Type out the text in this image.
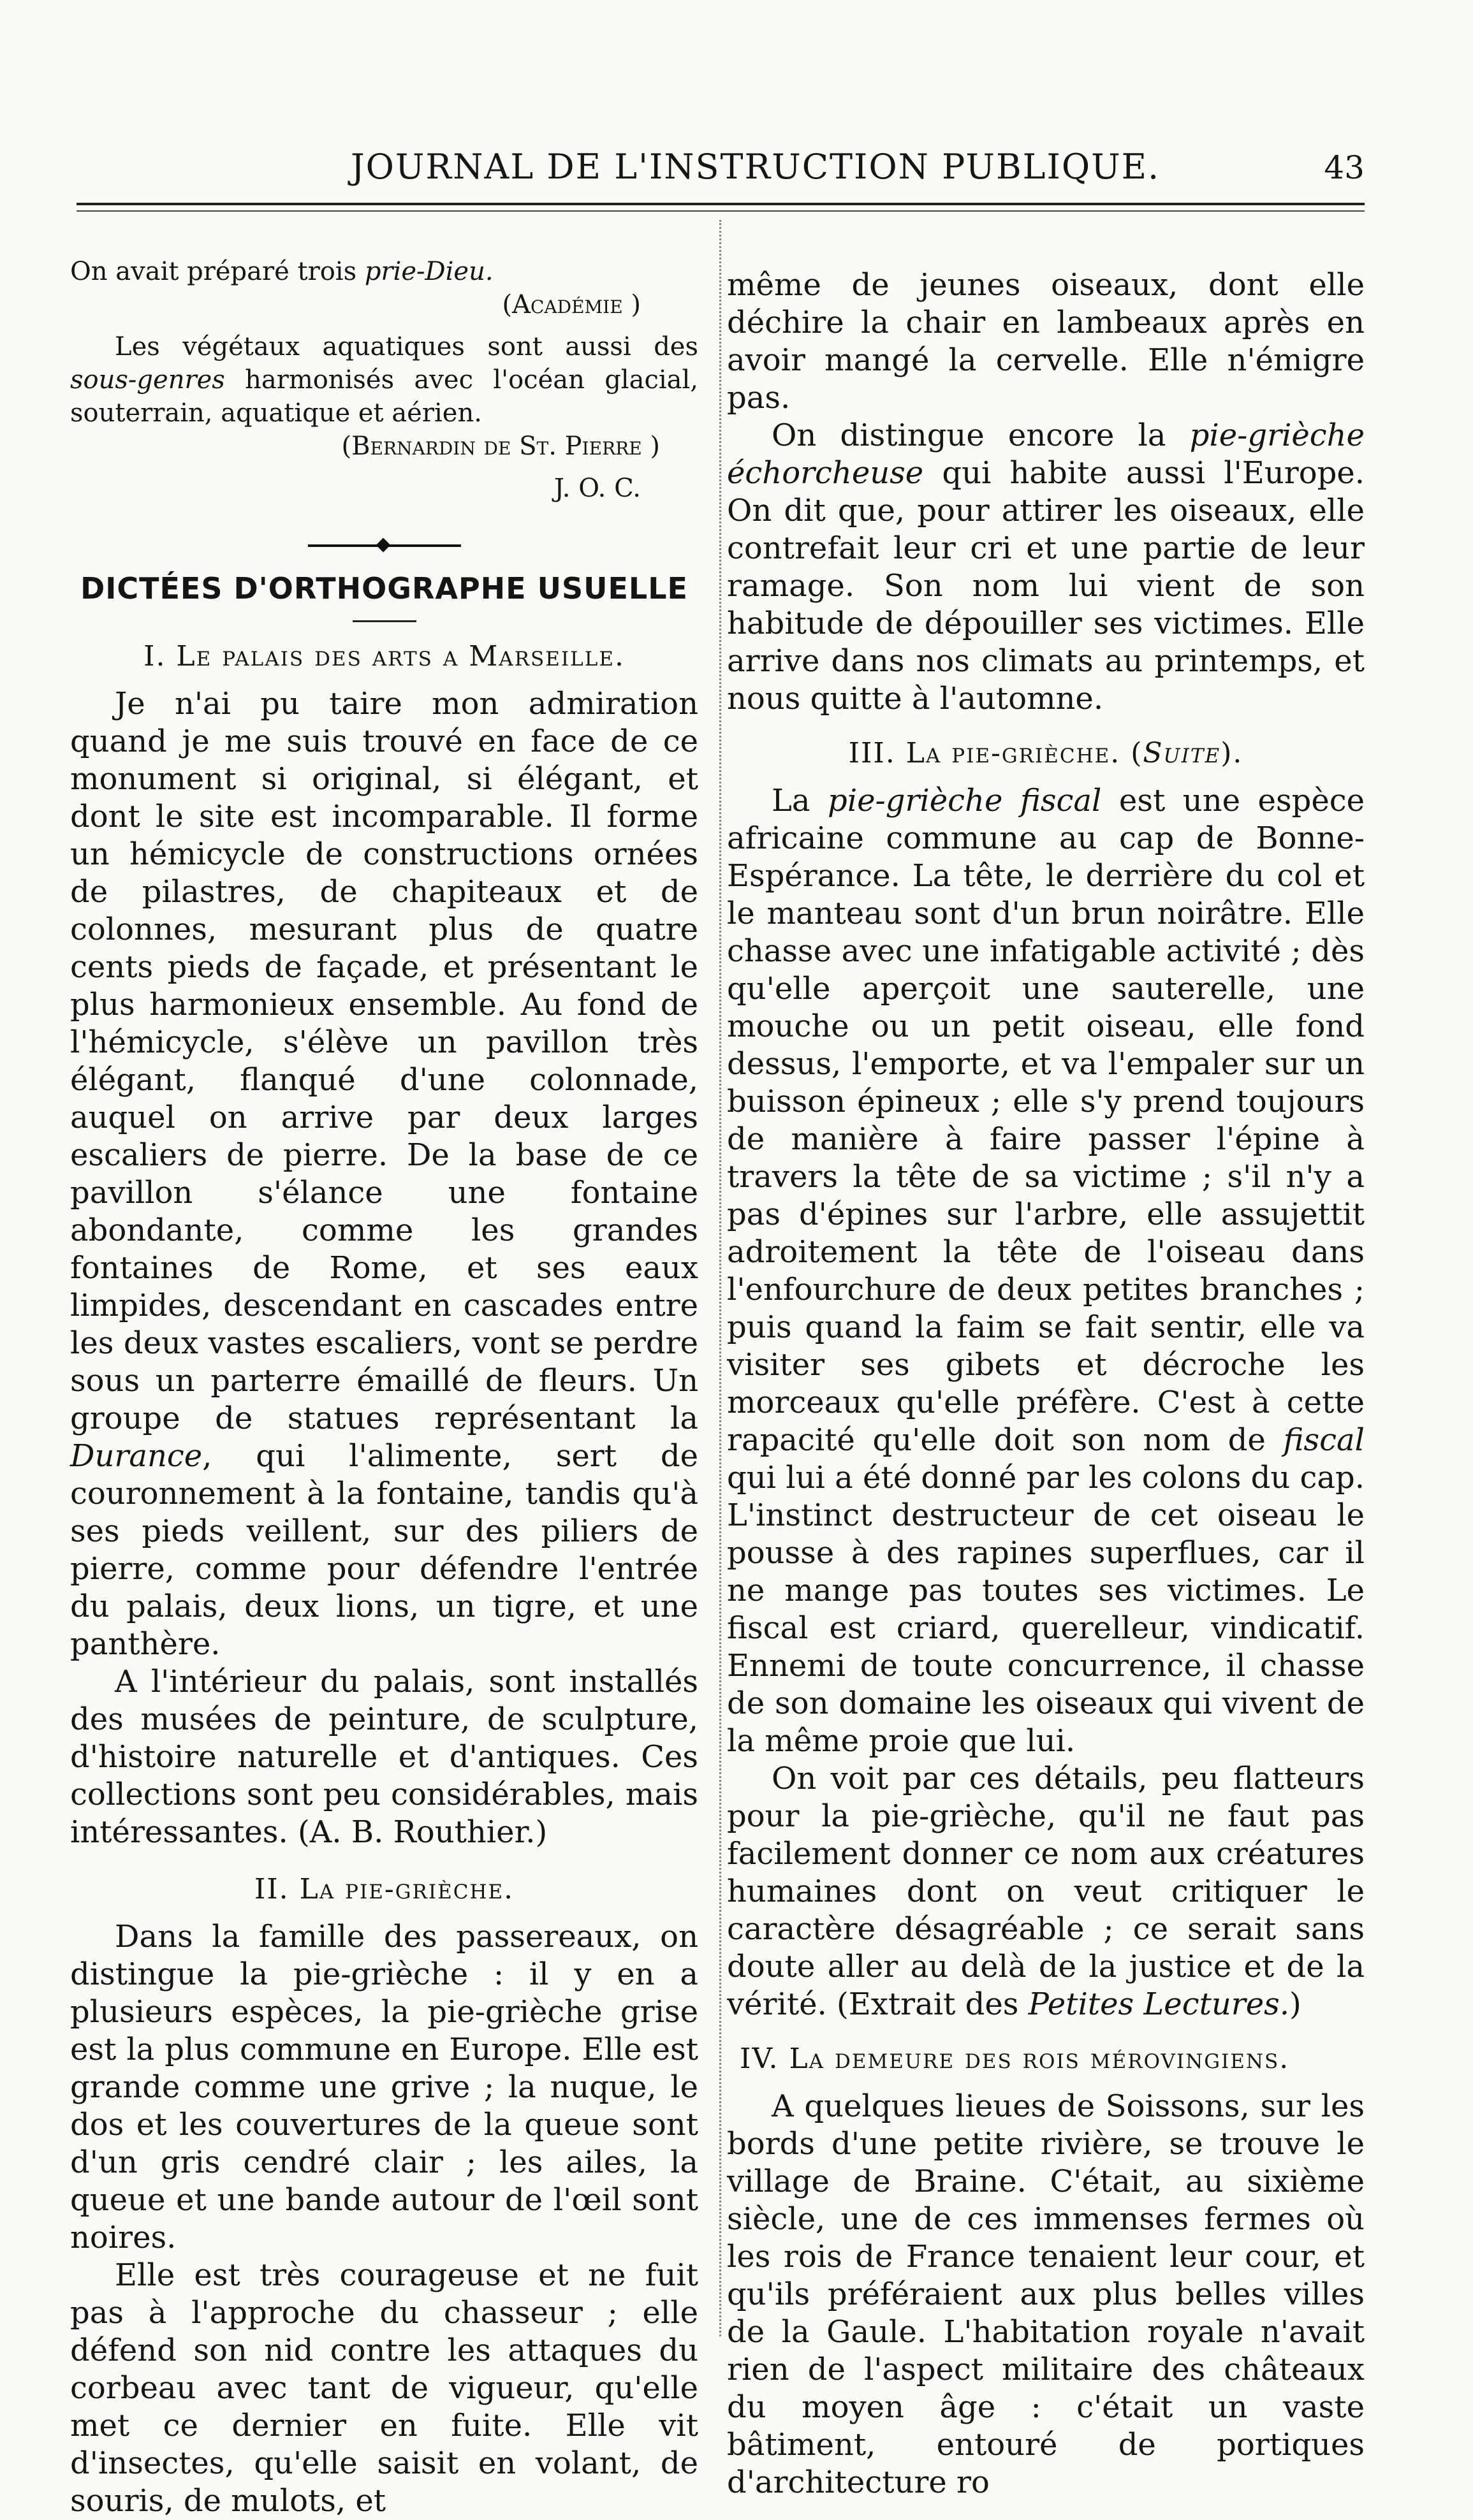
JOURNAL DE L'INSTRUCTION PUBLIQUE.	43

On avait préparé trois prie-Dieu.

(Académie )

Les végétaux aquatiques sont aussi des sous-genres harmonisés avec l'océan glacial, souterrain, aquatique et aérien.

(Bernardin de St. Pierre )

J. O. C.

DICTÉES D'ORTHOGRAPHE USUELLE
I. Le palais des arts a Marseille.

Je n'ai pu taire mon admiration quand je me suis trouvé en face de ce monument si original, si élégant, et dont le site est incomparable. Il forme un hémicycle de constructions ornées de pilastres, de chapiteaux et de colonnes, mesurant plus de quatre cents pieds de façade, et présentant le plus harmonieux ensemble. Au fond de l'hémicycle, s'élève un pavillon très élégant, flanqué d'une colonnade, auquel on arrive par deux larges escaliers de pierre. De la base de ce pavillon s'élance une fontaine abondante, comme les grandes fontaines de Rome, et ses eaux limpides, descendant en cascades entre les deux vastes escaliers, vont se perdre sous un parterre émaillé de fleurs. Un groupe de statues représentant la Durance, qui l'alimente, sert de couronnement à la fontaine, tandis qu'à ses pieds veillent, sur des piliers de pierre, comme pour défendre l'entrée du palais, deux lions, un tigre, et une panthère.

A l'intérieur du palais, sont installés des musées de peinture, de sculpture, d'histoire naturelle et d'antiques. Ces collections sont peu considérables, mais intéressantes. (A. B. Routhier.)

II. La pie-grièche.

Dans la famille des passereaux, on distingue la pie-grièche : il y en a plusieurs espèces, la pie-grièche grise est la plus commune en Europe. Elle est grande comme une grive ; la nuque, le dos et les couvertures de la queue sont d'un gris cendré clair ; les ailes, la queue et une bande autour de l'œil sont noires.

Elle est très courageuse et ne fuit pas à l'approche du chasseur ; elle défend son nid contre les attaques du corbeau avec tant de vigueur, qu'elle met ce dernier en fuite. Elle vit d'insectes, qu'elle saisit en volant, de souris, de mulots, et

même de jeunes oiseaux, dont elle déchire la chair en lambeaux après en avoir mangé la cervelle. Elle n'émigre pas.

On distingue encore la pie-grièche échorcheuse qui habite aussi l'Europe. On dit que, pour attirer les oiseaux, elle contrefait leur cri et une partie de leur ramage. Son nom lui vient de son habitude de dépouiller ses victimes. Elle arrive dans nos climats au printemps, et nous quitte à l'automne.

III. La pie-grièche. (Suite).

La pie-grièche fiscal est une espèce africaine commune au cap de Bonne-Espérance. La tête, le derrière du col et le manteau sont d'un brun noirâtre. Elle chasse avec une infatigable activité ; dès qu'elle aperçoit une sauterelle, une mouche ou un petit oiseau, elle fond dessus, l'emporte, et va l'empaler sur un buisson épineux ; elle s'y prend toujours de manière à faire passer l'épine à travers la tête de sa victime ; s'il n'y a pas d'épines sur l'arbre, elle assujettit adroitement la tête de l'oiseau dans l'enfourchure de deux petites branches ; puis quand la faim se fait sentir, elle va visiter ses gibets et décroche les morceaux qu'elle préfère. C'est à cette rapacité qu'elle doit son nom de fiscal qui lui a été donné par les colons du cap. L'instinct destructeur de cet oiseau le pousse à des rapines superflues, car il ne mange pas toutes ses victimes. Le fiscal est criard, querelleur, vindicatif. Ennemi de toute concurrence, il chasse de son domaine les oiseaux qui vivent de la même proie que lui.

On voit par ces détails, peu flatteurs pour la pie-grièche, qu'il ne faut pas facilement donner ce nom aux créatures humaines dont on veut critiquer le caractère désagréable ; ce serait sans doute aller au delà de la justice et de la vérité. (Extrait des Petites Lectures.)

IV. La demeure des rois mérovingiens.

A quelques lieues de Soissons, sur les bords d'une petite rivière, se trouve le village de Braine. C'était, au sixième siècle, une de ces immenses fermes où les rois de France tenaient leur cour, et qu'ils préféraient aux plus belles villes de la Gaule. L'habitation royale n'avait rien de l'aspect militaire des châteaux du moyen âge : c'était un vaste bâtiment, entouré de portiques d'architecture ro
